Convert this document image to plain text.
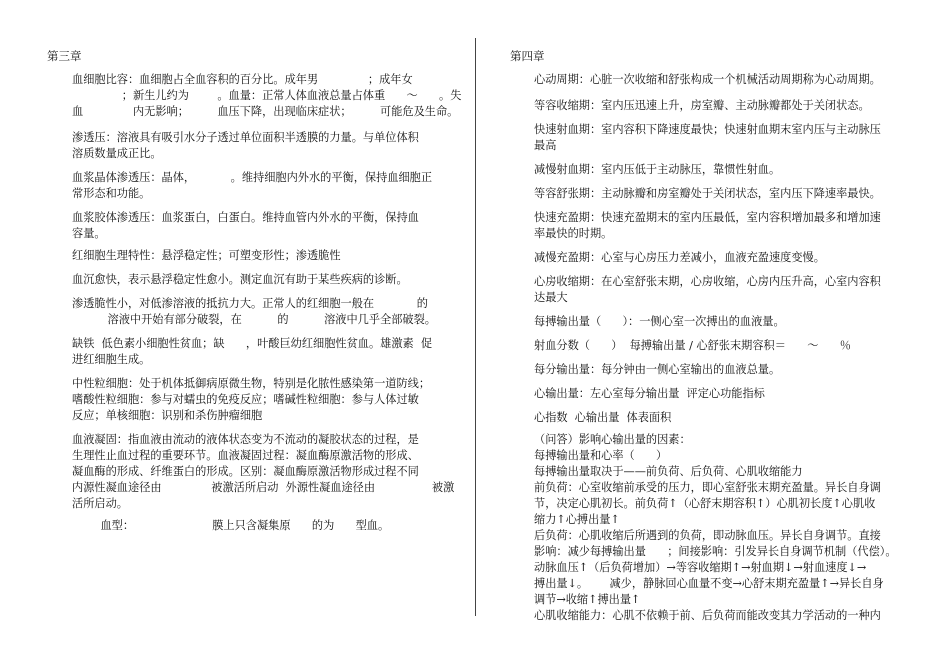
第三章
血细胞比容：血细胞占全血容积的百分比。成年男              ；成年女
；新生儿约为        。血量：正常人体血液总量占体重      ～      。失
血              内无影响；        血压下降，出现临床症状；        可能危及生命。
渗透压：溶液具有吸引水分子透过单位面积半透膜的力量。与单位体积
溶质数量成正比。
血浆晶体渗透压：晶体，          。维持细胞内外水的平衡，保持血细胞正
常形态和功能。
血浆胶体渗透压：血浆蛋白，白蛋白。维持血管内外水的平衡，保持血
容量。
红细胞生理特性：悬浮稳定性；可塑变形性；渗透脆性
血沉愈快，表示悬浮稳定性愈小。测定血沉有助于某些疾病的诊断。
渗透脆性小，对低渗溶液的抵抗力大。正常人的红细胞一般在            的
溶液中开始有部分破裂，在          的          溶液中几乎全部破裂。
缺铁  低色素小细胞性贫血；缺      ，叶酸巨幼红细胞性贫血。雄激素  促
进红细胞生成。
中性粒细胞：处于机体抵御病原微生物，特别是化脓性感染第一道防线；
嗜酸性粒细胞：参与对蠕虫的免疫反应；嗜碱性粒细胞：参与人体过敏
反应；单核细胞：识别和杀伤肿瘤细胞
血液凝固：指血液由流动的液体状态变为不流动的凝胶状态的过程，是
生理性止血过程的重要环节。血液凝固过程：凝血酶原激活物的形成、
凝血酶的形成、纤维蛋白的形成。区别：凝血酶原激活物形成过程不同
内源性凝血途径由              被激活所启动  外源性凝血途径由                被激
活所启动。
血型：                      膜上只含凝集原      的为      型血。
第四章
心动周期：心脏一次收缩和舒张构成一个机械活动周期称为心动周期。
等容收缩期：室内压迅速上升，房室瓣、主动脉瓣都处于关闭状态。
快速射血期：室内容积下降速度最快；快速射血期末室内压与主动脉压
最高
减慢射血期：室内压低于主动脉压，靠惯性射血。
等容舒张期：主动脉瓣和房室瓣处于关闭状态，室内压下降速率最快。
快速充盈期：快速充盈期末的室内压最低，室内容积增加最多和增加速
率最快的时期。
减慢充盈期：心室与心房压力差减小，血液充盈速度变慢。
心房收缩期：在心室舒张末期，心房收缩，心房内压升高，心室内容积
达最大
每搏输出量（      ）：一侧心室一次搏出的血液量。
射血分数（      ）  每搏输出量 / 心舒张末期容积＝      ～      ％
每分输出量：每分钟由一侧心室输出的血液总量。
心输出量：左心室每分输出量  评定心功能指标
心指数  心输出量  体表面积
（问答）影响心输出量的因素：
每搏输出量和心率（      ）
每搏输出量取决于——前负荷、后负荷、心肌收缩能力
前负荷：心室收缩前承受的压力，即心室舒张末期充盈量。异长自身调
节，决定心肌初长。前负荷↑（心舒末期容积↑）心肌初长度↑心肌收
缩力↑心搏出量↑
后负荷：心肌收缩后所遇到的负荷，即动脉血压。异长自身调节。直接
影响：减少每搏输出量      ；间接影响：引发异长自身调节机制（代偿）。
动脉血压↑（后负荷增加）→等容收缩期↑→射血期↓→射血速度↓→
搏出量↓。      减少，静脉回心血量不变→心舒末期充盈量↑→异长自身
调节→收缩↑搏出量↑
心肌收缩能力：心肌不依赖于前、后负荷而能改变其力学活动的一种内
